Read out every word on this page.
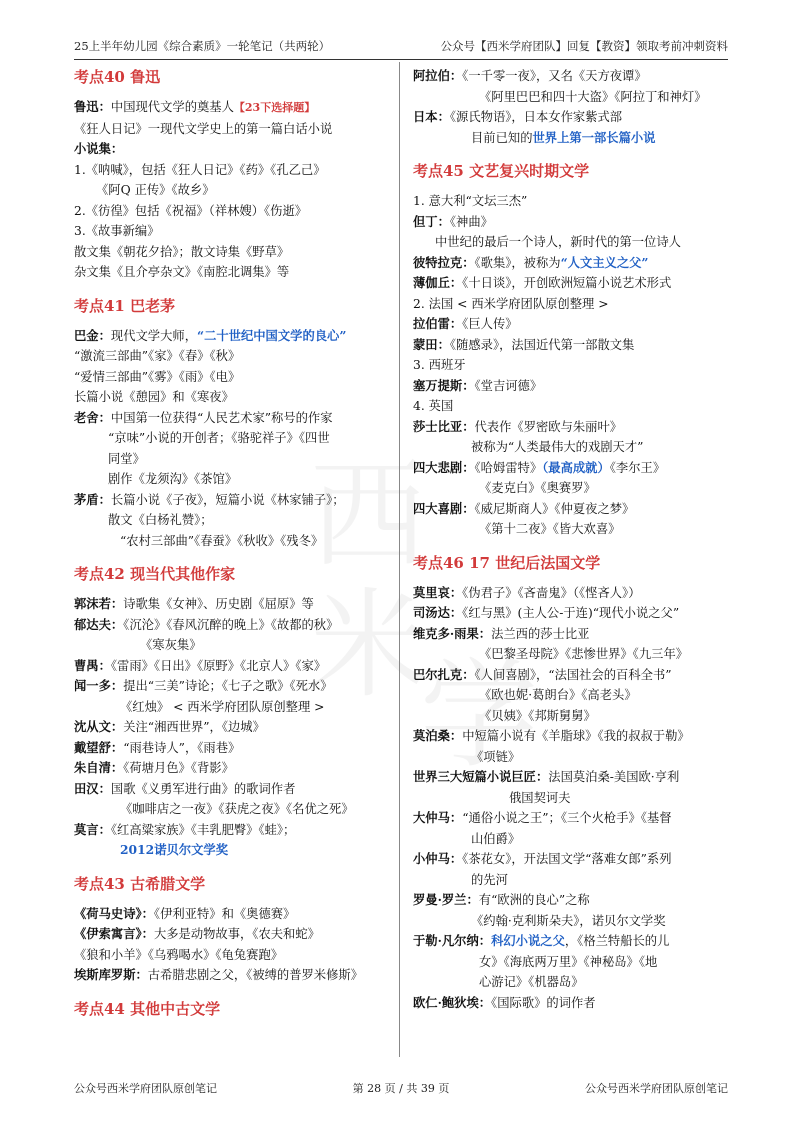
25上半年幼儿园《综合素质》一轮笔记（共两轮）	公众号【西米学府团队】回复【教资】领取考前冲刺资料
考点40 鲁迅
鲁迅：中国现代文学的奠基人【23下选择题】
《狂人日记》一现代文学史上的第一篇白话小说
小说集：
1.《呐喊》，包括《狂人日记》《药》《孔乙己》
《阿Q 正传》《故乡》
2.《彷徨》包括《祝福》（祥林嫂）《伤逝》
3.《故事新编》
散文集《朝花夕拾》；散文诗集《野草》
杂文集《且介亭杂文》《南腔北调集》等
考点41 巴老茅
巴金：现代文学大师，“二十世纪中国文学的良心”
“激流三部曲”《家》《春》《秋》
“爱情三部曲”《雾》《雨》《电》
长篇小说《憩园》和《寒夜》
老舍：中国第一位获得“人民艺术家”称号的作家
“京味”小说的开创者；《骆驼祥子》《四世
同堂》
剧作《龙须沟》《茶馆》
茅盾：长篇小说《子夜》，短篇小说《林家铺子》；
散文《白杨礼赞》；
“农村三部曲”《春蚕》《秋收》《残冬》
考点42 现当代其他作家
郭沫若：诗歌集《女神》、历史剧《屈原》等
郁达夫：《沉沦》《春风沉醉的晚上》《故都的秋》
《寒灰集》
曹禺：《雷雨》《日出》《原野》《北京人》《家》
闻一多：提出“三美”诗论；《七子之歌》《死水》
《红烛》 < 西米学府团队原创整理 >
沈从文：关注“湘西世界”，《边城》
戴望舒：“雨巷诗人”，《雨巷》
朱自清：《荷塘月色》《背影》
田汉：国歌《义勇军进行曲》的歌词作者
《咖啡店之一夜》《获虎之夜》《名优之死》
莫言：《红高粱家族》《丰乳肥臀》《蛙》；
2012诺贝尔文学奖
考点43 古希腊文学
《荷马史诗》：《伊利亚特》和《奥德赛》
《伊索寓言》：大多是动物故事，《农夫和蛇》
《狼和小羊》《乌鸦喝水》《龟兔赛跑》
埃斯库罗斯：古希腊悲剧之父，《被缚的普罗米修斯》
考点44 其他中古文学
阿拉伯：《一千零一夜》，又名《天方夜谭》
《阿里巴巴和四十大盗》《阿拉丁和神灯》
日本：《源氏物语》，日本女作家紫式部
目前已知的世界上第一部长篇小说
考点45 文艺复兴时期文学
1. 意大利“文坛三杰”
但丁：《神曲》
中世纪的最后一个诗人，新时代的第一位诗人
彼特拉克：《歌集》，被称为“人文主义之父”
薄伽丘：《十日谈》，开创欧洲短篇小说艺术形式
2. 法国 < 西米学府团队原创整理 >
拉伯雷：《巨人传》
蒙田：《随感录》，法国近代第一部散文集
3. 西班牙
塞万提斯：《堂吉诃德》
4. 英国
莎士比亚：代表作《罗密欧与朱丽叶》
被称为“人类最伟大的戏剧天才”
四大悲剧：《哈姆雷特》（最高成就）《李尔王》
《麦克白》《奥赛罗》
四大喜剧：《威尼斯商人》《仲夏夜之梦》
《第十二夜》《皆大欢喜》
考点46 17 世纪后法国文学
莫里哀：《伪君子》《吝啬鬼》（《悭吝人》）
司汤达：《红与黑》(主人公-于连)“现代小说之父”
维克多·雨果：法兰西的莎士比亚
《巴黎圣母院》《悲惨世界》《九三年》
巴尔扎克：《人间喜剧》，“法国社会的百科全书”
《欧也妮·葛朗台》《高老头》
《贝姨》《邦斯舅舅》
莫泊桑：中短篇小说有《羊脂球》《我的叔叔于勒》
《项链》
世界三大短篇小说巨匠：法国莫泊桑-美国欧·亨利
俄国契诃夫
大仲马：“通俗小说之王”；《三个火枪手》《基督
山伯爵》
小仲马：《茶花女》，开法国文学“落难女郎”系列
的先河
罗曼·罗兰：有“欧洲的良心”之称
《约翰·克利斯朵夫》，诺贝尔文学奖
于勒·凡尔纳：科幻小说之父，《格兰特船长的儿
女》《海底两万里》《神秘岛》《地
心游记》《机器岛》
欧仁·鲍狄埃：《国际歌》的词作者
公众号西米学府团队原创笔记	第 28 页 / 共 39 页	公众号西米学府团队原创笔记
